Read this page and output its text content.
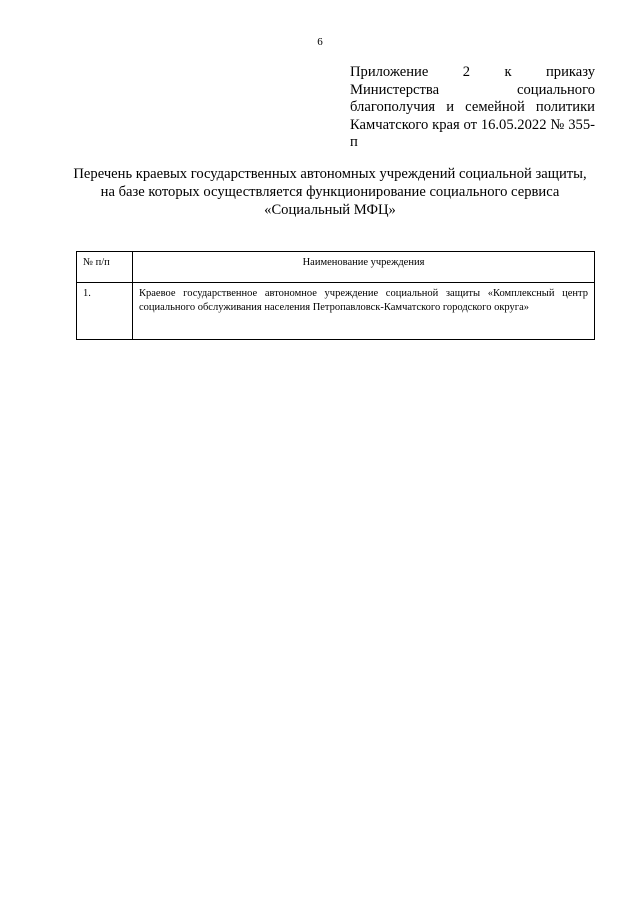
6
Приложение 2 к приказу Министерства социального благополучия и семейной политики Камчатского края от 16.05.2022 № 355-п
Перечень краевых государственных автономных учреждений социальной защиты, на базе которых осуществляется функционирование социального сервиса «Социальный МФЦ»
№ п/п	Наименование учреждения
1.	Краевое государственное автономное учреждение социальной защиты «Комплексный центр социального обслуживания населения Петропавловск-Камчатского городского округа»
